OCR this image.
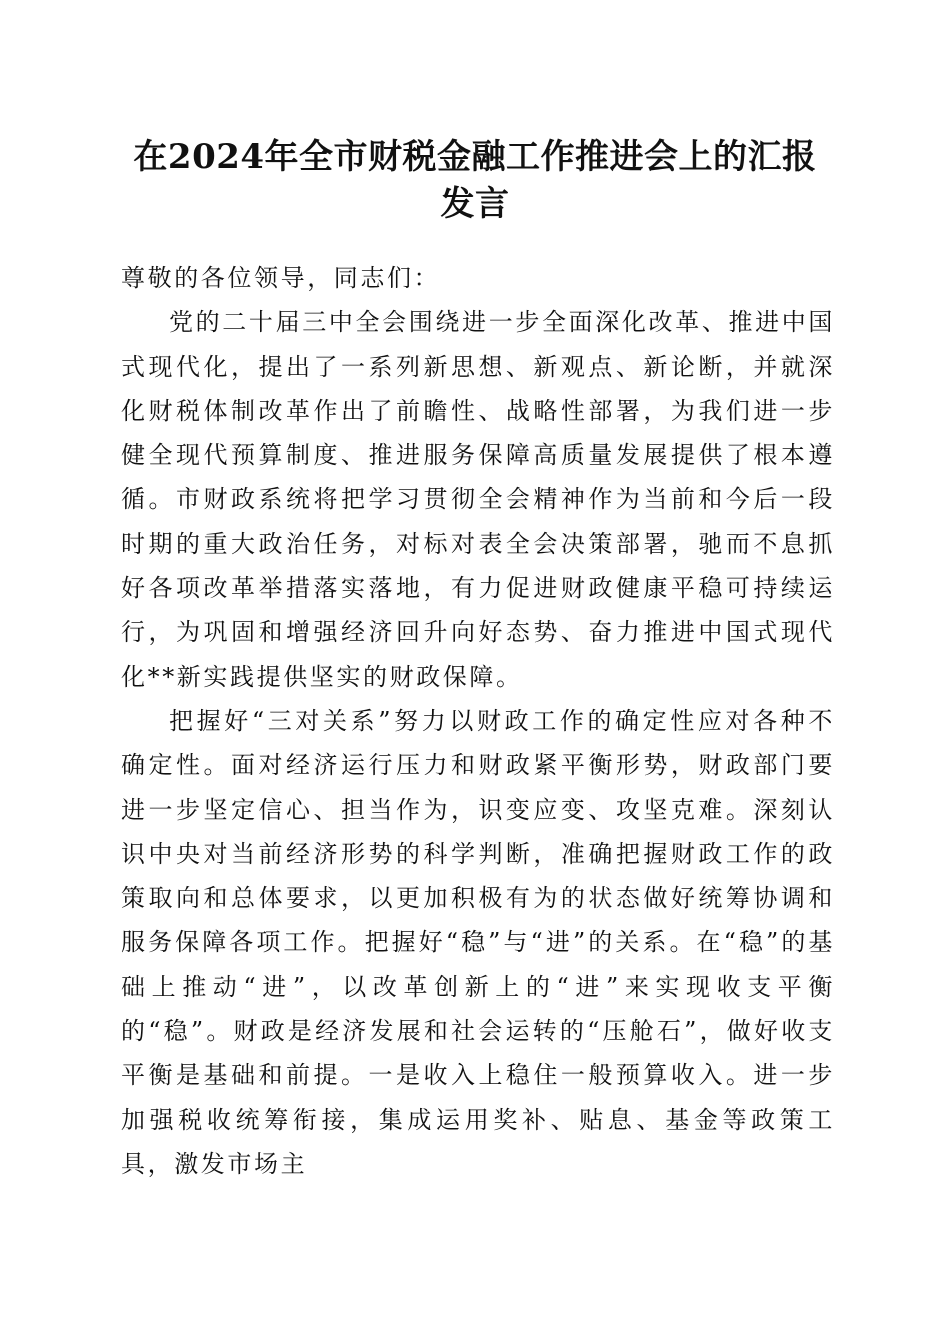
在2024年全市财税金融工作推进会上的汇报发言

尊敬的各位领导，同志们：

党的二十届三中全会围绕进一步全面深化改革、推进中国式现代化，提出了一系列新思想、新观点、新论断，并就深化财税体制改革作出了前瞻性、战略性部署，为我们进一步健全现代预算制度、推进服务保障高质量发展提供了根本遵循。市财政系统将把学习贯彻全会精神作为当前和今后一段时期的重大政治任务，对标对表全会决策部署，驰而不息抓好各项改革举措落实落地，有力促进财政健康平稳可持续运行，为巩固和增强经济回升向好态势、奋力推进中国式现代化**新实践提供坚实的财政保障。

把握好“三对关系”努力以财政工作的确定性应对各种不确定性。面对经济运行压力和财政紧平衡形势，财政部门要进一步坚定信心、担当作为，识变应变、攻坚克难。深刻认识中央对当前经济形势的科学判断，准确把握财政工作的政策取向和总体要求，以更加积极有为的状态做好统筹协调和服务保障各项工作。把握好“稳”与“进”的关系。在“稳”的基础上推动“进”，以改革创新上的“进”来实现收支平衡的“稳”。财政是经济发展和社会运转的“压舱石”，做好收支平衡是基础和前提。一是收入上稳住一般预算收入。进一步加强税收统筹衔接，集成运用奖补、贴息、基金等政策工具，激发市场主
